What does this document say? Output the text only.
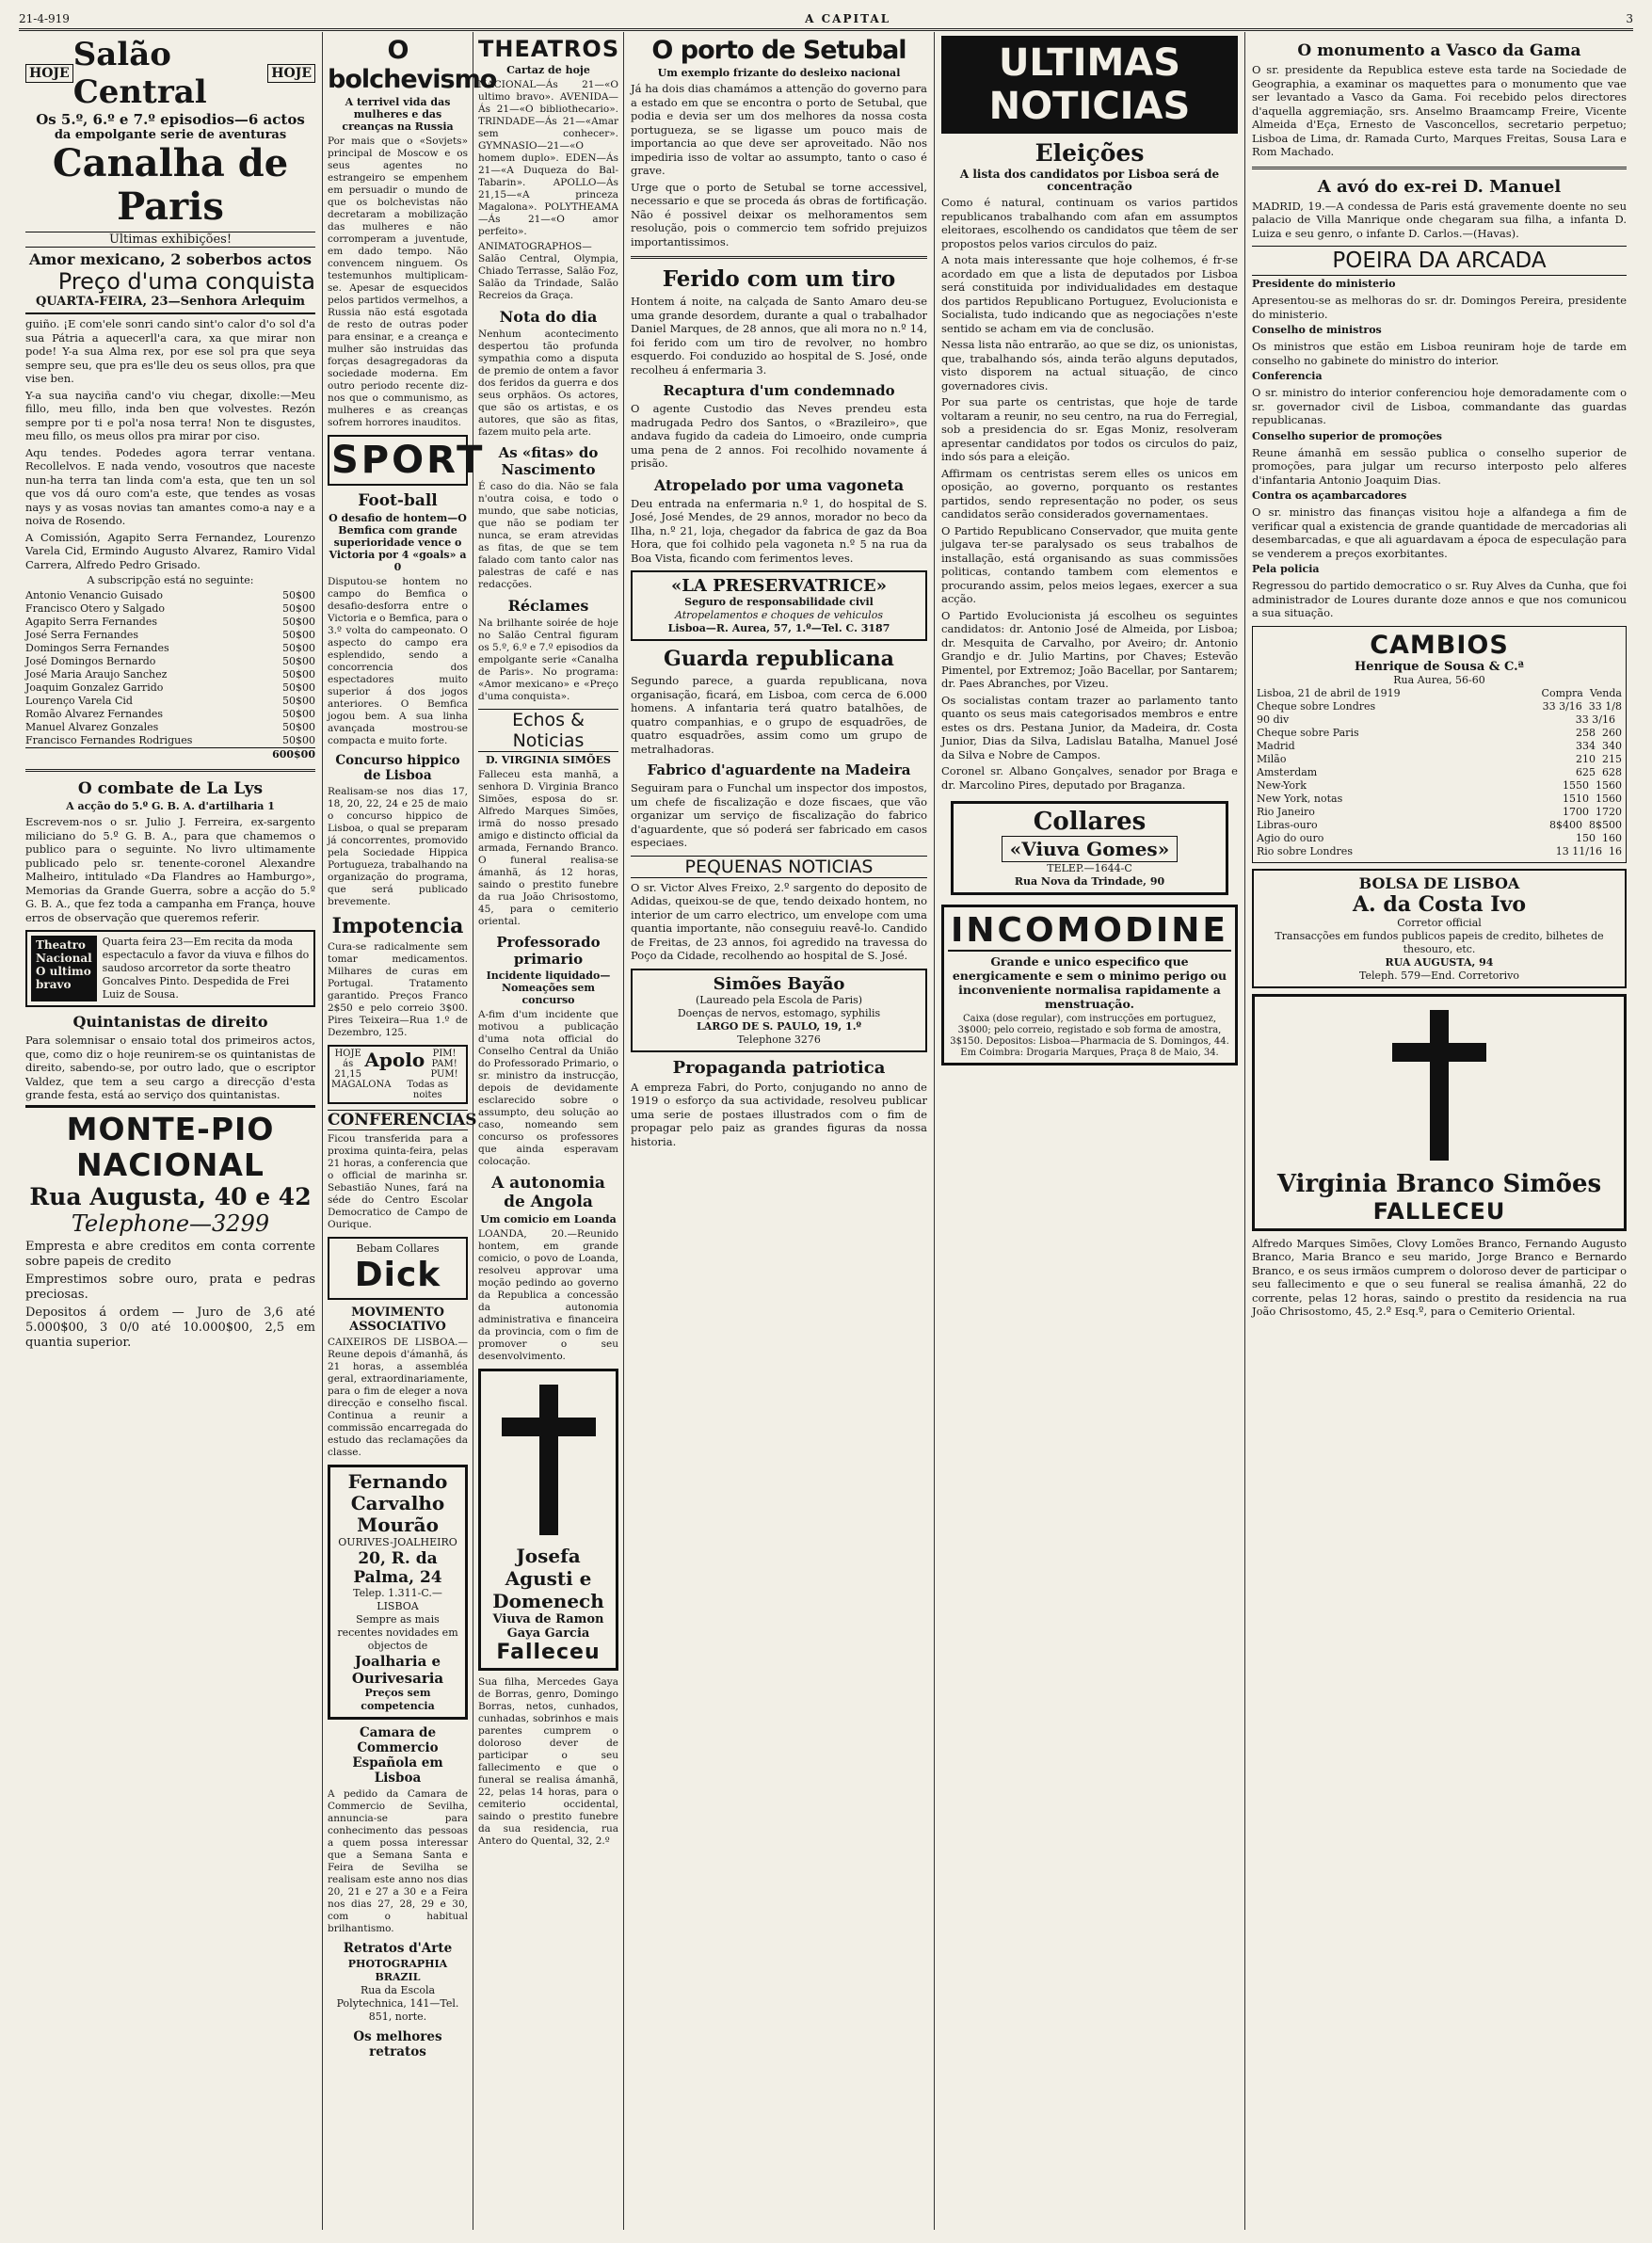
21-4-919	A CAPITAL	3
HOJE Salão Central	HOJE
Os 5.º, 6.º e 7.º episodios—6 actos
da empolgante serie de aventuras
Canalha de Paris
Ultimas exhibições!
Amor mexicano, 2 soberbos actos
Preço d'uma conquista
QUARTA-FEIRA, 23—Senhora Arlequim

guiño. ¡E com'ele sonri cando sint'o calor d'o sol d'a sua Pátria a aquecerll'a cara, xa que mirar non pode! Y-a sua Alma rex, por ese sol pra que seya sempre seu, que pra es'lle deu os seus ollos, pra que vise ben.

Y-a sua nayciña cand'o viu chegar, dixolle:—Meu fillo, meu fillo, inda ben que volvestes. Rezón sempre por ti e pol'a nosa terra! Non te disgustes, meu fillo, os meus ollos pra mirar por ciso.

Aqu tendes. Podedes agora terrar ventana. Recollelvos. E nada vendo, vosoutros que naceste nun-ha terra tan linda com'a esta, que ten un sol que vos dá ouro com'a este, que tendes as vosas nays y as vosas novias tan amantes como-a nay e a noiva de Rosendo.

A Comissión, Agapito Serra Fernandez, Lourenzo Varela Cid, Ermindo Augusto Alvarez, Ramiro Vidal Carrera, Alfredo Pedro Grisado.

A subscripção está no seguinte:
Antonio Venancio Guisado	50$00
Francisco Otero y Salgado	50$00
Agapito Serra Fernandes	50$00
José Serra Fernandes	50$00
Domingos Serra Fernandes	50$00
José Domingos Bernardo	50$00
José Maria Araujo Sanchez	50$00
Joaquim Gonzalez Garrido	50$00
Lourenço Varela Cid	50$00
Romão Alvarez Fernandes	50$00
Manuel Alvarez Gonzales	50$00
Francisco Fernandes Rodrigues	50$00
600$00
O combate de La Lys
A acção do 5.º G. B. A. d'artilharia 1

Escrevem-nos o sr. Julio J. Ferreira, ex-sargento miliciano do 5.º G. B. A., para que chamemos o publico para o seguinte. No livro ultimamente publicado pelo sr. tenente-coronel Alexandre Malheiro, intitulado «Da Flandres ao Hamburgo», Memorias da Grande Guerra, sobre a acção do 5.º G. B. A., que fez toda a campanha em França, houve erros de observação que queremos referir.

Theatro Nacional
O ultimo bravo
Quarta feira 23—Em recita da moda espectaculo a favor da viuva e filhos do saudoso arcorretor da sorte theatro Goncalves Pinto. Despedida de Frei Luiz de Sousa.
Quintanistas de direito

Para solemnisar o ensaio total dos primeiros actos, que, como diz o hoje reunirem-se os quintanistas de direito, sabendo-se, por outro lado, que o escriptor Valdez, que tem a seu cargo a direcção d'esta grande festa, está ao serviço dos quintanistas.

MONTE-PIO NACIONAL
Rua Augusta, 40 e 42
Telephone—3299

Empresta e abre creditos em conta corrente sobre papeis de credito

Emprestimos sobre ouro, prata e pedras preciosas.

Depositos á ordem — Juro de 3,6 até 5.000$00, 3 0/0 até 10.000$00, 2,5 em quantia superior.

O bolchevismo
A terrivel vida das mulheres e das creanças na Russia

Por mais que o «Sovjets» principal de Moscow e os seus agentes no estrangeiro se empenhem em persuadir o mundo de que os bolchevistas não decretaram a mobilização das mulheres e não corromperam a juventude, em dado tempo. Não convencem ninguem. Os testemunhos multiplicam-se. Apesar de esquecidos pelos partidos vermelhos, a Russia não está esgotada de resto de outras poder para ensinar, e a creança e mulher são instruidas das forças desagregadoras da sociedade moderna. Em outro periodo recente diz-nos que o communismo, as mulheres e as creanças sofrem horrores inauditos.

SPORT
Foot-ball
O desafio de hontem—O Bemfica com grande superioridade vence o Victoria por 4 «goals» a 0

Disputou-se hontem no campo do Bemfica o desafio-desforra entre o Victoria e o Bemfica, para o 3.º volta do campeonato. O aspecto do campo era esplendido, sendo a concorrencia dos espectadores muito superior á dos jogos anteriores. O Bemfica jogou bem. A sua linha avançada mostrou-se compacta e muito forte.

Concurso hippico de Lisboa

Realisam-se nos dias 17, 18, 20, 22, 24 e 25 de maio o concurso hippico de Lisboa, o qual se preparam já concorrentes, promovido pela Sociedade Hippica Portugueza, trabalhando na organização do programa, que será publicado brevemente.

Impotencia

Cura-se radicalmente sem tomar medicamentos. Milhares de curas em Portugal. Tratamento garantido. Preços Franco 2$50 e pelo correio 3$00. Pires Teixeira—Rua 1.º de Dezembro, 125.

HOJE ás 21,15
Apolo PIM! PAM! PUM!
MAGALONA	Todas as noites
CONFERENCIAS

Ficou transferida para a proxima quinta-feira, pelas 21 horas, a conferencia que o official de marinha sr. Sebastião Nunes, fará na séde do Centro Escolar Democratico de Campo de Ourique.

Bebam Collares
Dick
MOVIMENTO ASSOCIATIVO

CAIXEIROS DE LISBOA.—Reune depois d'ámanhã, ás 21 horas, a assembléa geral, extraordinariamente, para o fim de eleger a nova direcção e conselho fiscal. Continua a reunir a commissão encarregada do estudo das reclamações da classe.

Fernando Carvalho Mourão
OURIVES-JOALHEIRO
20, R. da Palma, 24
Telep. 1.311-C.—LISBOA
Sempre as mais recentes novidades em objectos de
Joalharia e Ourivesaria
Preços sem competencia
Camara de Commercio Española em Lisboa

A pedido da Camara de Commercio de Sevilha, annuncia-se para conhecimento das pessoas a quem possa interessar que a Semana Santa e Feira de Sevilha se realisam este anno nos dias 20, 21 e 27 a 30 e a Feira nos dias 27, 28, 29 e 30, com o habitual brilhantismo.

Retratos d'Arte
PHOTOGRAPHIA BRAZIL
Rua da Escola Polytechnica, 141—Tel. 851, norte.
Os melhores retratos
THEATROS
Cartaz de hoje

NACIONAL—Ás 21—«O ultimo bravo». AVENIDA—Ás 21—«O bibliothecario». TRINDADE—Ás 21—«Amar sem conhecer». GYMNASIO—21—«O homem duplo». EDEN—Ás 21—«A Duqueza do Bal-Tabarin». APOLLO—Ás 21,15—«A princeza Magalona». POLYTHEAMA—Ás 21—«O amor perfeito».

ANIMATOGRAPHOS—Salão Central, Olympia, Chiado Terrasse, Salão Foz, Salão da Trindade, Salão Recreios da Graça.

Nota do dia

Nenhum acontecimento despertou tão profunda sympathia como a disputa de premio de ontem a favor dos feridos da guerra e dos seus orphãos. Os actores, que são os artistas, e os autores, que são as fitas, fazem muito pela arte.

As «fitas» do Nascimento

É caso do dia. Não se fala n'outra coisa, e todo o mundo, que sabe noticias, que não se podiam ter nunca, se eram atrevidas as fitas, de que se tem falado com tanto calor nas palestras de café e nas redacções.

Réclames

Na brilhante soirée de hoje no Salão Central figuram os 5.º, 6.º e 7.º episodios da empolgante serie «Canalha de Paris». No programa: «Amor mexicano» e «Preço d'uma conquista».

Echos & Noticias
D. VIRGINIA SIMÕES

Falleceu esta manhã, a senhora D. Virginia Branco Simões, esposa do sr. Alfredo Marques Simões, irmã do nosso presado amigo e distincto official da armada, Fernando Branco. O funeral realisa-se ámanhã, ás 12 horas, saindo o prestito funebre da rua João Chrisostomo, 45, para o cemiterio oriental.

Professorado primario
Incidente liquidado—Nomeações sem concurso

A-fim d'um incidente que motivou a publicação d'uma nota official do Conselho Central da União do Professorado Primario, o sr. ministro da instrucção, depois de devidamente esclarecido sobre o assumpto, deu solução ao caso, nomeando sem concurso os professores que ainda esperavam colocação.

A autonomia de Angola
Um comicio em Loanda

LOANDA, 20.—Reunido hontem, em grande comicio, o povo de Loanda, resolveu approvar uma moção pedindo ao governo da Republica a concessão da autonomia administrativa e financeira da provincia, com o fim de promover o seu desenvolvimento.

Josefa Agusti e Domenech
Viuva de Ramon Gaya Garcia
Falleceu

Sua filha, Mercedes Gaya de Borras, genro, Domingo Borras, netos, cunhados, cunhadas, sobrinhos e mais parentes cumprem o doloroso dever de participar o seu fallecimento e que o funeral se realisa ámanhã, 22, pelas 14 horas, para o cemiterio occidental, saindo o prestito funebre da sua residencia, rua Antero do Quental, 32, 2.º

O porto de Setubal
Um exemplo frizante do desleixo nacional

Já ha dois dias chamámos a attenção do governo para a estado em que se encontra o porto de Setubal, que podia e devia ser um dos melhores da nossa costa portugueza, se se ligasse um pouco mais de importancia ao que deve ser aproveitado. Não nos impediria isso de voltar ao assumpto, tanto o caso é grave.

Urge que o porto de Setubal se torne accessivel, necessario e que se proceda ás obras de fortificação. Não é possivel deixar os melhoramentos sem resolução, pois o commercio tem sofrido prejuizos importantissimos.

Ferido com um tiro

Hontem á noite, na calçada de Santo Amaro deu-se uma grande desordem, durante a qual o trabalhador Daniel Marques, de 28 annos, que ali mora no n.º 14, foi ferido com um tiro de revolver, no hombro esquerdo. Foi conduzido ao hospital de S. José, onde recolheu á enfermaria 3.

Recaptura d'um condemnado

O agente Custodio das Neves prendeu esta madrugada Pedro dos Santos, o «Brazileiro», que andava fugido da cadeia do Limoeiro, onde cumpria uma pena de 2 annos. Foi recolhido novamente á prisão.

Atropelado por uma vagoneta

Deu entrada na enfermaria n.º 1, do hospital de S. José, José Mendes, de 29 annos, morador no beco da Ilha, n.º 21, loja, chegador da fabrica de gaz da Boa Hora, que foi colhido pela vagoneta n.º 5 na rua da Boa Vista, ficando com ferimentos leves.

«LA PRESERVATRICE»
Seguro de responsabilidade civil
Atropelamentos e choques de vehiculos
Lisboa—R. Aurea, 57, 1.º—Tel. C. 3187
Guarda republicana

Segundo parece, a guarda republicana, nova organisação, ficará, em Lisboa, com cerca de 6.000 homens. A infantaria terá quatro batalhões, de quatro companhias, e o grupo de esquadrões, de quatro esquadrões, assim como um grupo de metralhadoras.

Fabrico d'aguardente na Madeira

Seguiram para o Funchal um inspector dos impostos, um chefe de fiscalização e doze fiscaes, que vão organizar um serviço de fiscalização do fabrico d'aguardente, que só poderá ser fabricado em casos especiaes.

PEQUENAS NOTICIAS

O sr. Victor Alves Freixo, 2.º sargento do deposito de Adidas, queixou-se de que, tendo deixado hontem, no interior de um carro electrico, um envelope com uma quantia importante, não conseguiu reavê-lo. Candido de Freitas, de 23 annos, foi agredido na travessa do Poço da Cidade, recolhendo ao hospital de S. José.

Simões Bayão
(Laureado pela Escola de Paris)
Doenças de nervos, estomago, syphilis
LARGO DE S. PAULO, 19, 1.º
Telephone 3276
Propaganda patriotica

A empreza Fabri, do Porto, conjugando no anno de 1919 o esforço da sua actividade, resolveu publicar uma serie de postaes illustrados com o fim de propagar pelo paiz as grandes figuras da nossa historia.

ULTIMAS NOTICIAS
Eleições
A lista dos candidatos por Lisboa será de concentração

Como é natural, continuam os varios partidos republicanos trabalhando com afan em assumptos eleitoraes, escolhendo os candidatos que têem de ser propostos pelos varios circulos do paiz.

A nota mais interessante que hoje colhemos, é fr-se acordado em que a lista de deputados por Lisboa será constituida por individualidades em destaque dos partidos Republicano Portuguez, Evolucionista e Socialista, tudo indicando que as negociações n'este sentido se acham em via de conclusão.

Nessa lista não entrarão, ao que se diz, os unionistas, que, trabalhando sós, ainda terão alguns deputados, visto disporem na actual situação, de cinco governadores civis.

Por sua parte os centristas, que hoje de tarde voltaram a reunir, no seu centro, na rua do Ferregial, sob a presidencia do sr. Egas Moniz, resolveram apresentar candidatos por todos os circulos do paiz, indo sós para a eleição.

Affirmam os centristas serem elles os unicos em oposição, ao governo, porquanto os restantes partidos, sendo representação no poder, os seus candidatos serão considerados governamentaes.

O Partido Republicano Conservador, que muita gente julgava ter-se paralysado os seus trabalhos de installação, está organisando as suas commissões politicas, contando tambem com elementos e procurando assim, pelos meios legaes, exercer a sua acção.

O Partido Evolucionista já escolheu os seguintes candidatos: dr. Antonio José de Almeida, por Lisboa; dr. Mesquita de Carvalho, por Aveiro; dr. Antonio Grandjo e dr. Julio Martins, por Chaves; Estevão Pimentel, por Extremoz; João Bacellar, por Santarem; dr. Paes Abranches, por Vizeu.

Os socialistas contam trazer ao parlamento tanto quanto os seus mais categorisados membros e entre estes os drs. Pestana Junior, da Madeira, dr. Costa Junior, Dias da Silva, Ladislau Batalha, Manuel José da Silva e Nobre de Campos.

Coronel sr. Albano Gonçalves, senador por Braga e dr. Marcolino Pires, deputado por Braganza.

Collares
«Viuva Gomes»
TELEP.—1644-C
Rua Nova da Trindade, 90
INCOMODINE
Grande e unico especifico que energicamente e sem o minimo perigo ou inconveniente normalisa rapidamente a menstruação.
Caixa (dose regular), com instrucções em portuguez, 3$000; pelo correio, registado e sob forma de amostra, 3$150. Depositos: Lisboa—Pharmacia de S. Domingos, 44. Em Coimbra: Drogaria Marques, Praça 8 de Maio, 34.
O monumento a Vasco da Gama

O sr. presidente da Republica esteve esta tarde na Sociedade de Geographia, a examinar os maquettes para o monumento que vae ser levantado a Vasco da Gama. Foi recebido pelos directores d'aquella aggremiação, srs. Anselmo Braamcamp Freire, Vicente Almeida d'Eça, Ernesto de Vasconcellos, secretario perpetuo; Lisboa de Lima, dr. Ramada Curto, Marques Freitas, Sousa Lara e Rom Machado.

A avó do ex-rei D. Manuel

MADRID, 19.—A condessa de Paris está gravemente doente no seu palacio de Villa Manrique onde chegaram sua filha, a infanta D. Luiza e seu genro, o infante D. Carlos.—(Havas).

POEIRA DA ARCADA
Presidente do ministerio

Apresentou-se as melhoras do sr. dr. Domingos Pereira, presidente do ministerio.

Conselho de ministros

Os ministros que estão em Lisboa reuniram hoje de tarde em conselho no gabinete do ministro do interior.

Conferencia

O sr. ministro do interior conferenciou hoje demoradamente com o sr. governador civil de Lisboa, commandante das guardas republicanas.

Conselho superior de promoções

Reune ámanhã em sessão publica o conselho superior de promoções, para julgar um recurso interposto pelo alferes d'infantaria Antonio Joaquim Dias.

Contra os açambarcadores

O sr. ministro das finanças visitou hoje a alfandega a fim de verificar qual a existencia de grande quantidade de mercadorias ali desembarcadas, e que ali aguardavam a época de especulação para se venderem a preços exorbitantes.

Pela policia

Regressou do partido democratico o sr. Ruy Alves da Cunha, que foi administrador de Loures durante doze annos e que nos comunicou a sua situação.

CAMBIOS
Henrique de Sousa & C.ª
Rua Aurea, 56-60
Lisboa, 21 de abril de 1919	Compra Venda
Cheque sobre Londres	33 3/16 33 1/8
90 div	33 3/16
Cheque sobre Paris	258 260
Madrid	334 340
Milão	210 215
Amsterdam	625 628
New-York	1550 1560
New York, notas	1510 1560
Rio Janeiro	1700 1720
Libras-ouro	8$400 8$500
Agio do ouro	150 160
Rio sobre Londres	13 11/16 16
BOLSA DE LISBOA
A. da Costa Ivo
Corretor official
Transacções em fundos publicos papeis de credito, bilhetes de thesouro, etc.
RUA AUGUSTA, 94
Teleph. 579—End. Corretorivo
Virginia Branco Simões
FALLECEU

Alfredo Marques Simões, Clovy Lomões Branco, Fernando Augusto Branco, Maria Branco e seu marido, Jorge Branco e Bernardo Branco, e os seus irmãos cumprem o doloroso dever de participar o seu fallecimento e que o seu funeral se realisa ámanhã, 22 do corrente, pelas 12 horas, saindo o prestito da residencia na rua João Chrisostomo, 45, 2.º Esq.º, para o Cemiterio Oriental.
